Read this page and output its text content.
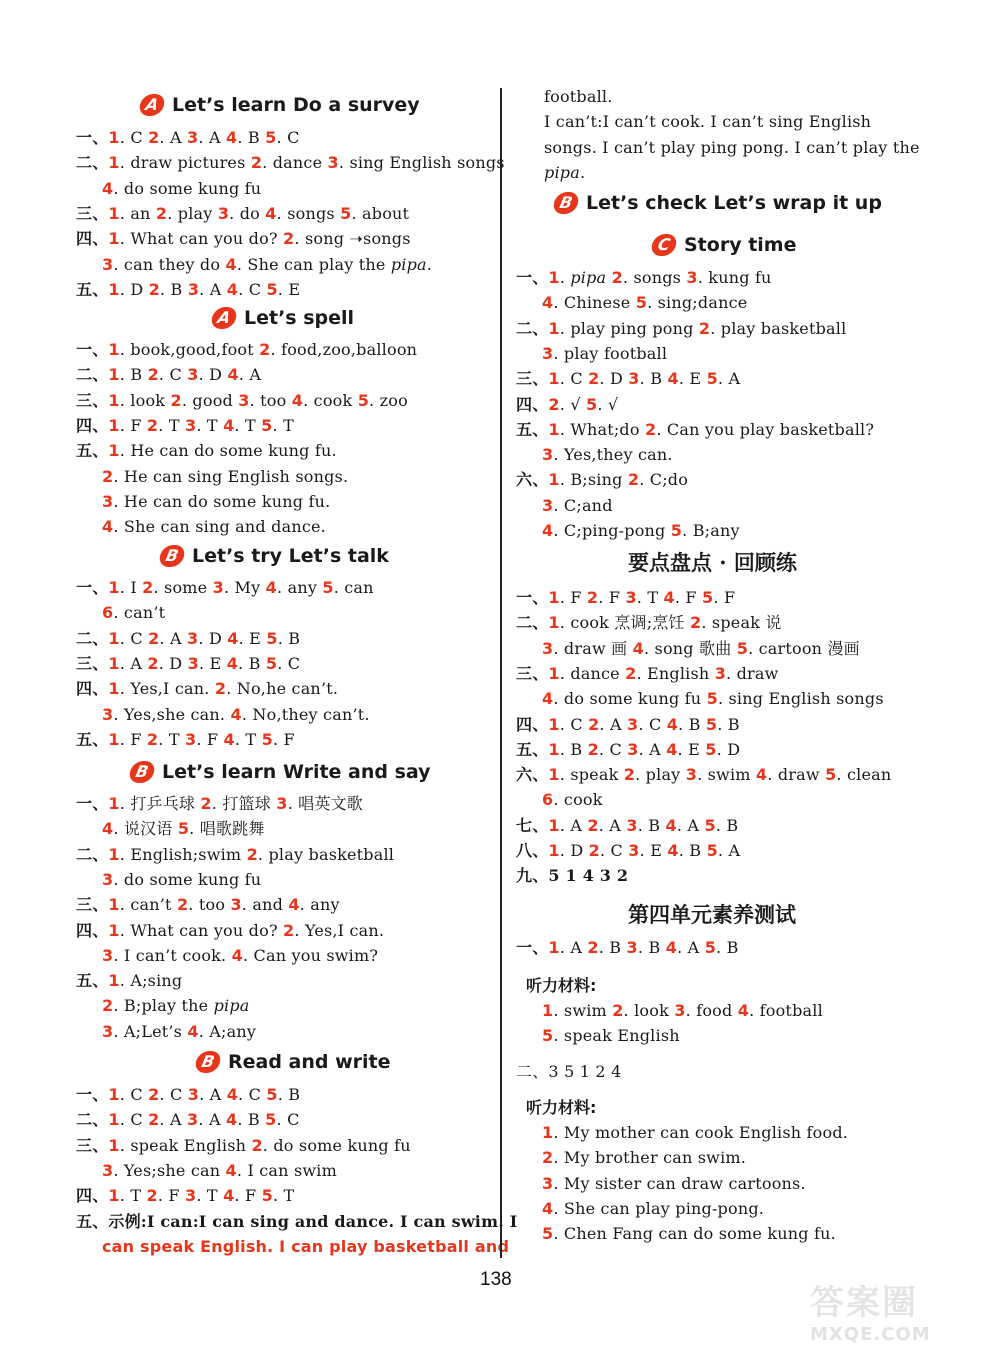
A Let’s learn Do a survey
一、1. C 2. A 3. A 4. B 5. C
二、1. draw pictures 2. dance 3. sing English songs
4. do some kung fu
三、1. an 2. play 3. do 4. songs 5. about
四、1. What can you do? 2. song ➝songs
3. can they do 4. She can play the pipa.
五、1. D 2. B 3. A 4. C 5. E
A Let’s spell
一、1. book,good,foot 2. food,zoo,balloon
二、1. B 2. C 3. D 4. A
三、1. look 2. good 3. too 4. cook 5. zoo
四、1. F 2. T 3. T 4. T 5. T
五、1. He can do some kung fu.
2. He can sing English songs.
3. He can do some kung fu.
4. She can sing and dance.
B Let’s try Let’s talk
一、1. I 2. some 3. My 4. any 5. can
6. can’t
二、1. C 2. A 3. D 4. E 5. B
三、1. A 2. D 3. E 4. B 5. C
四、1. Yes,I can. 2. No,he can’t.
3. Yes,she can. 4. No,they can’t.
五、1. F 2. T 3. F 4. T 5. F
B Let’s learn Write and say
一、1. 打乒乓球 2. 打篮球 3. 唱英文歌
4. 说汉语 5. 唱歌跳舞
二、1. English;swim 2. play basketball
3. do some kung fu
三、1. can’t 2. too 3. and 4. any
四、1. What can you do? 2. Yes,I can.
3. I can’t cook. 4. Can you swim?
五、1. A;sing
2. B;play the pipa
3. A;Let’s 4. A;any
B Read and write
一、1. C 2. C 3. A 4. C 5. B
二、1. C 2. A 3. A 4. B 5. C
三、1. speak English 2. do some kung fu
3. Yes;she can 4. I can swim
四、1. T 2. F 3. T 4. F 5. T
五、示例:I can:I can sing and dance. I can swim. I
can speak English. I can play basketball and
football.
I can’t:I can’t cook. I can’t sing English
songs. I can’t play ping pong. I can’t play the
pipa.
B Let’s check Let’s wrap it up
C Story time
一、1. pipa 2. songs 3. kung fu
4. Chinese 5. sing;dance
二、1. play ping pong 2. play basketball
3. play football
三、1. C 2. D 3. B 4. E 5. A
四、2. √ 5. √
五、1. What;do 2. Can you play basketball?
3. Yes,they can.
六、1. B;sing 2. C;do
3. C;and
4. C;ping-pong 5. B;any
要点盘点 · 回顾练
一、1. F 2. F 3. T 4. F 5. F
二、1. cook 烹调;烹饪 2. speak 说
3. draw 画 4. song 歌曲 5. cartoon 漫画
三、1. dance 2. English 3. draw
4. do some kung fu 5. sing English songs
四、1. C 2. A 3. C 4. B 5. B
五、1. B 2. C 3. A 4. E 5. D
六、1. speak 2. play 3. swim 4. draw 5. clean
6. cook
七、1. A 2. A 3. B 4. A 5. B
八、1. D 2. C 3. E 4. B 5. A
九、5 1 4 3 2
第四单元素养测试
一、1. A 2. B 3. B 4. A 5. B
听力材料:
1. swim 2. look 3. food 4. football
5. speak English
二、3 5 1 2 4
听力材料:
1. My mother can cook English food.
2. My brother can swim.
3. My sister can draw cartoons.
4. She can play ping-pong.
5. Chen Fang can do some kung fu.
138
答案圈
MXQE.COM
